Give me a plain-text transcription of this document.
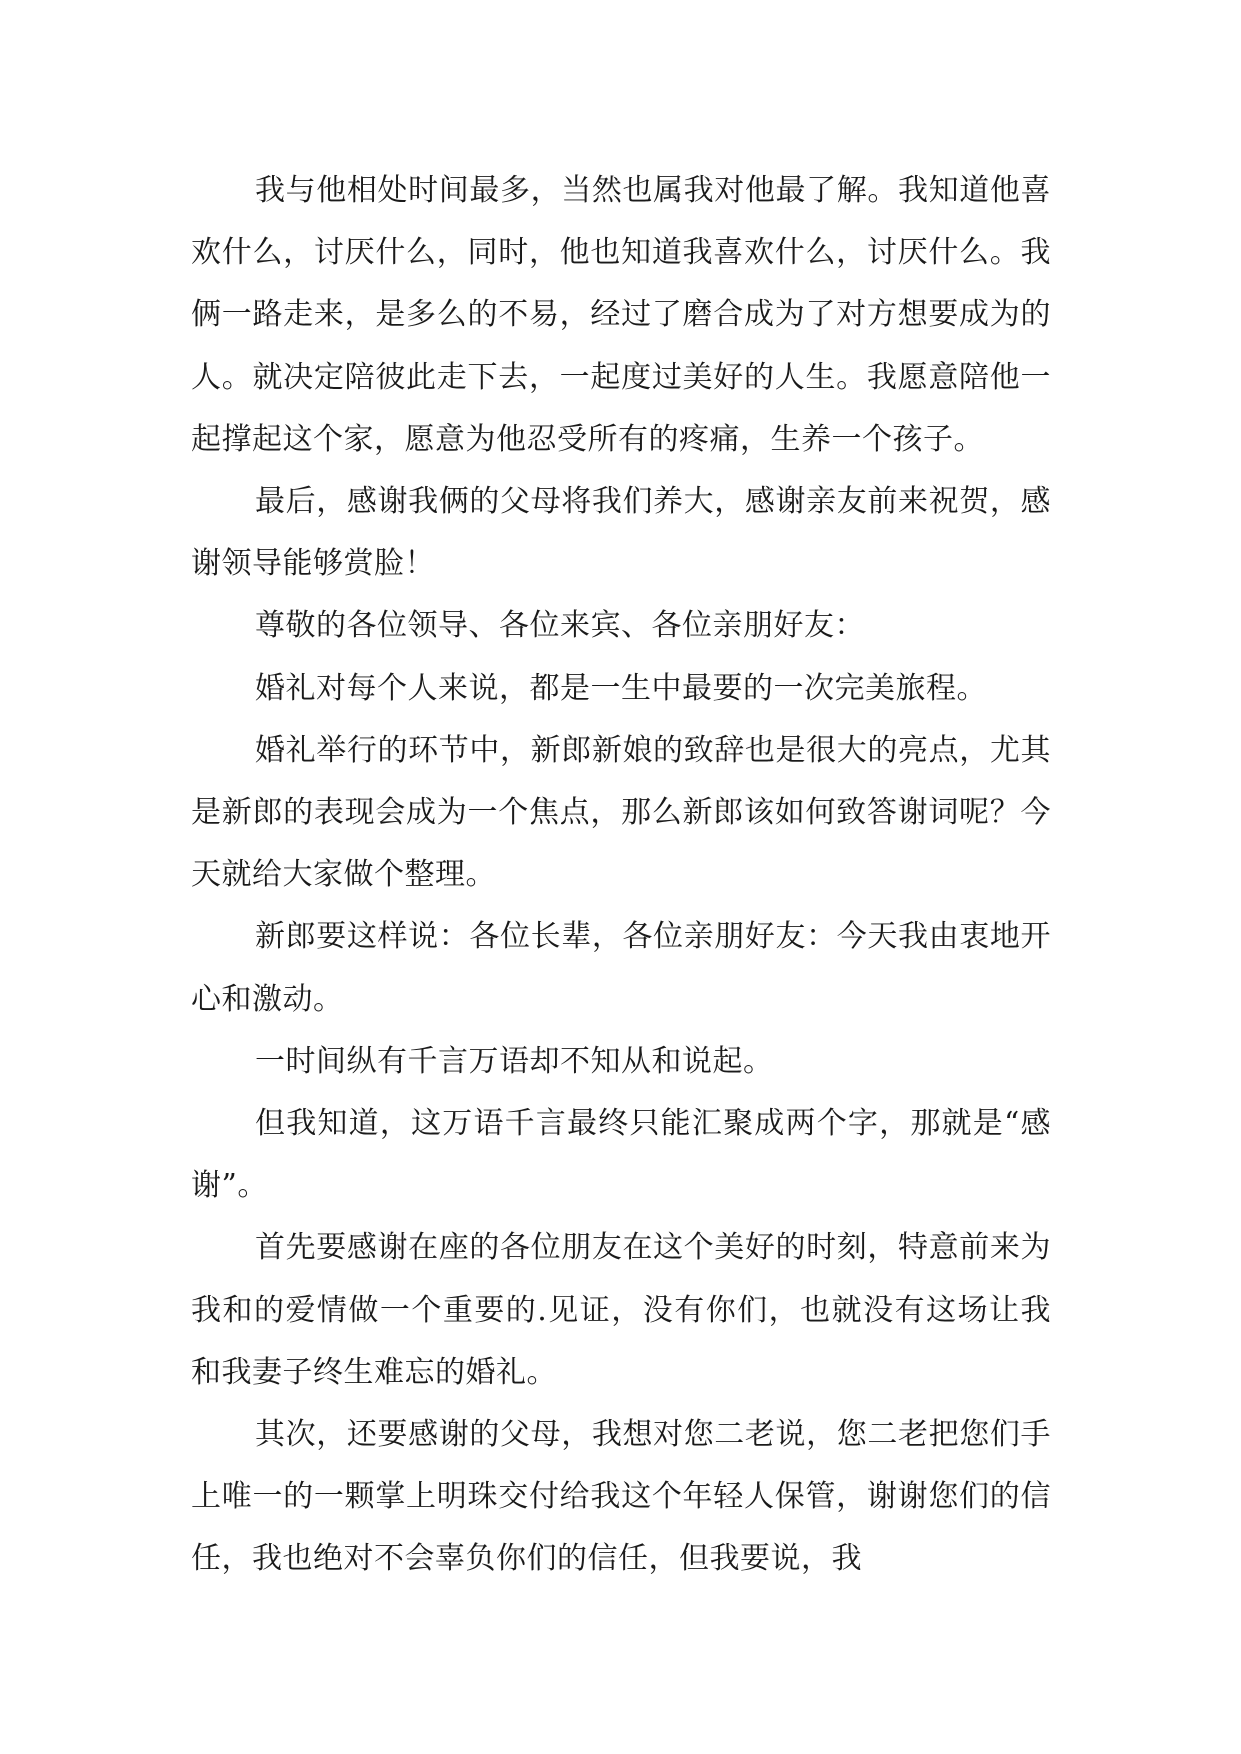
我与他相处时间最多，当然也属我对他最了解。我知道他喜欢什么，讨厌什么，同时，他也知道我喜欢什么，讨厌什么。我俩一路走来，是多么的不易，经过了磨合成为了对方想要成为的人。就决定陪彼此走下去，一起度过美好的人生。我愿意陪他一起撑起这个家，愿意为他忍受所有的疼痛，生养一个孩子。

最后，感谢我俩的父母将我们养大，感谢亲友前来祝贺，感谢领导能够赏脸！

尊敬的各位领导、各位来宾、各位亲朋好友：

婚礼对每个人来说，都是一生中最要的一次完美旅程。

婚礼举行的环节中，新郎新娘的致辞也是很大的亮点，尤其是新郎的表现会成为一个焦点，那么新郎该如何致答谢词呢？今天就给大家做个整理。

新郎要这样说：各位长辈，各位亲朋好友：今天我由衷地开心和激动。

一时间纵有千言万语却不知从和说起。

但我知道，这万语千言最终只能汇聚成两个字，那就是“感谢”。

首先要感谢在座的各位朋友在这个美好的时刻，特意前来为我和的爱情做一个重要的.见证，没有你们，也就没有这场让我和我妻子终生难忘的婚礼。

其次，还要感谢的父母，我想对您二老说，您二老把您们手上唯一的一颗掌上明珠交付给我这个年轻人保管，谢谢您们的信任，我也绝对不会辜负你们的信任，但我要说，我
